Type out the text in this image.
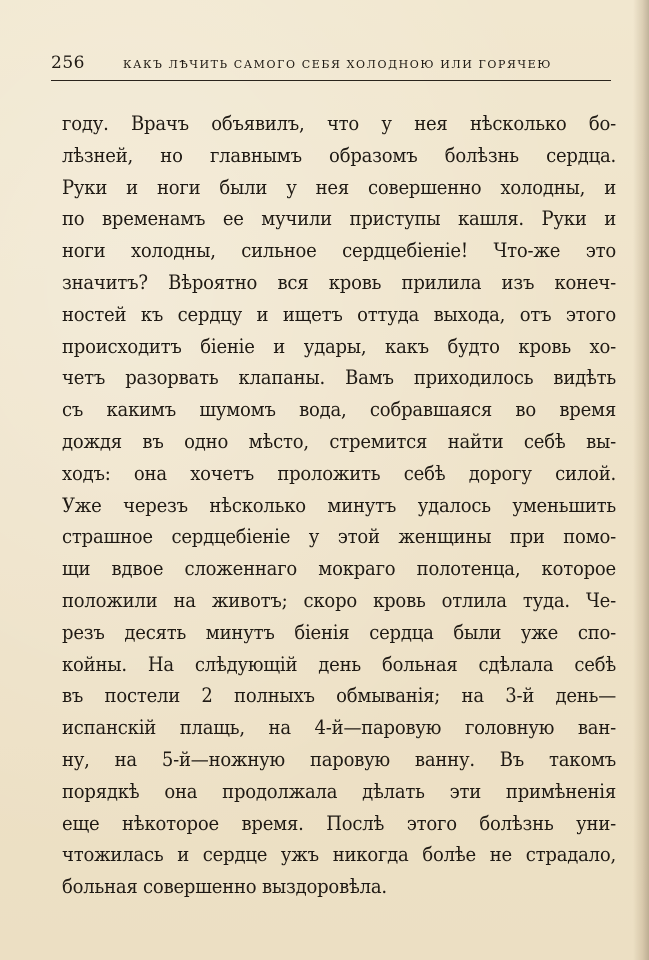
256	КАКЪ ЛѢЧИТЬ САМОГО СЕБЯ ХОЛОДНОЮ ИЛИ ГОРЯЧЕЮ
году. Врачъ объявилъ, что у нея нѣсколько бо-
лѣзней, но главнымъ образомъ болѣзнь сердца.
Руки и ноги были у нея совершенно холодны, и
по временамъ ее мучили приступы кашля. Руки и
ноги холодны, сильное сердцебіеніе! Что-же это
значитъ? Вѣроятно вся кровь прилила изъ конеч-
ностей къ сердцу и ищетъ оттуда выхода, отъ этого
происходитъ біеніе и удары, какъ будто кровь хо-
четъ разорвать клапаны. Вамъ приходилось видѣть
съ какимъ шумомъ вода, собравшаяся во время
дождя въ одно мѣсто, стремится найти себѣ вы-
ходъ: она хочетъ проложить себѣ дорогу силой.
Уже черезъ нѣсколько минутъ удалось уменьшить
страшное сердцебіеніе у этой женщины при помо-
щи вдвое сложеннаго мокраго полотенца, которое
положили на животъ; скоро кровь отлила туда. Че-
резъ десять минутъ біенія сердца были уже спо-
койны. На слѣдующій день больная сдѣлала себѣ
въ постели 2 полныхъ обмыванія; на 3-й день—
испанскій плащь, на 4-й—паровую головную ван-
ну, на 5-й—ножную паровую ванну. Въ такомъ
порядкѣ она продолжала дѣлать эти примѣненія
еще нѣкоторое время. Послѣ этого болѣзнь уни-
чтожилась и сердце ужъ никогда болѣе не страдало,
больная совершенно выздоровѣла.
